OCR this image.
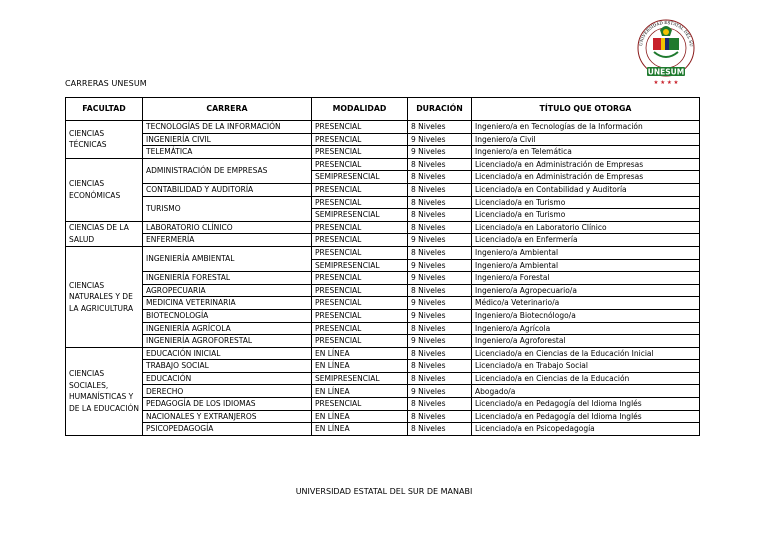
UNIVERSIDAD ESTATAL DEL SU
UNESUM
★ ★ ★ ★
CARRERAS UNESUM
FACULTAD	CARRERA	MODALIDAD	DURACIÓN	TÍTULO QUE OTORGA
CIENCIAS TÉCNICAS	TECNOLOGÍAS DE LA INFORMACIÓN	PRESENCIAL	8 Niveles	Ingeniero/a en Tecnologías de la Información
	INGENIERÍA CIVIL	PRESENCIAL	9 Niveles	Ingeniero/a Civil
	TELEMÁTICA	PRESENCIAL	9 Niveles	Ingeniero/a en Telemática
CIENCIAS ECONÓMICAS	ADMINISTRACIÓN DE EMPRESAS	PRESENCIAL	8 Niveles	Licenciado/a en Administración de Empresas
		SEMIPRESENCIAL	8 Niveles	Licenciado/a en Administración de Empresas
	CONTABILIDAD Y AUDITORÍA	PRESENCIAL	8 Niveles	Licenciado/a en Contabilidad y Auditoría
	TURISMO	PRESENCIAL	8 Niveles	Licenciado/a en Turismo
		SEMIPRESENCIAL	8 Niveles	Licenciado/a en Turismo
CIENCIAS DE LA SALUD	LABORATORIO CLÍNICO	PRESENCIAL	8 Niveles	Licenciado/a en Laboratorio Clínico
	ENFERMERÍA	PRESENCIAL	9 Niveles	Licenciado/a en Enfermería
CIENCIAS NATURALES Y DE LA AGRICULTURA	INGENIERÍA AMBIENTAL	PRESENCIAL	8 Niveles	Ingeniero/a Ambiental
		SEMIPRESENCIAL	9 Niveles	Ingeniero/a Ambiental
	INGENIERÍA FORESTAL	PRESENCIAL	9 Niveles	Ingeniero/a Forestal
	AGROPECUARIA	PRESENCIAL	8 Niveles	Ingeniero/a Agropecuario/a
	MEDICINA VETERINARIA	PRESENCIAL	9 Niveles	Médico/a Veterinario/a
	BIOTECNOLOGÍA	PRESENCIAL	9 Niveles	Ingeniero/a Biotecnólogo/a
	INGENIERÍA AGRÍCOLA	PRESENCIAL	8 Niveles	Ingeniero/a Agrícola
	INGENIERÍA AGROFORESTAL	PRESENCIAL	9 Niveles	Ingeniero/a Agroforestal
CIENCIAS SOCIALES, HUMANÍSTICAS Y DE LA EDUCACIÓN	EDUCACIÓN INICIAL	EN LÍNEA	8 Niveles	Licenciado/a en Ciencias de la Educación Inicial
	TRABAJO SOCIAL	EN LÍNEA	8 Niveles	Licenciado/a en Trabajo Social
	EDUCACIÓN	SEMIPRESENCIAL	8 Niveles	Licenciado/a en Ciencias de la Educación
	DERECHO	EN LÍNEA	9 Niveles	Abogado/a
	PEDAGOGÍA DE LOS IDIOMAS	PRESENCIAL	8 Niveles	Licenciado/a en Pedagogía del Idioma Inglés
	NACIONALES Y EXTRANJEROS	EN LÍNEA	8 Niveles	Licenciado/a en Pedagogía del Idioma Inglés
	PSICOPEDAGOGÍA	EN LÍNEA	8 Niveles	Licenciado/a en Psicopedagogía
UNIVERSIDAD ESTATAL DEL SUR DE MANABI
